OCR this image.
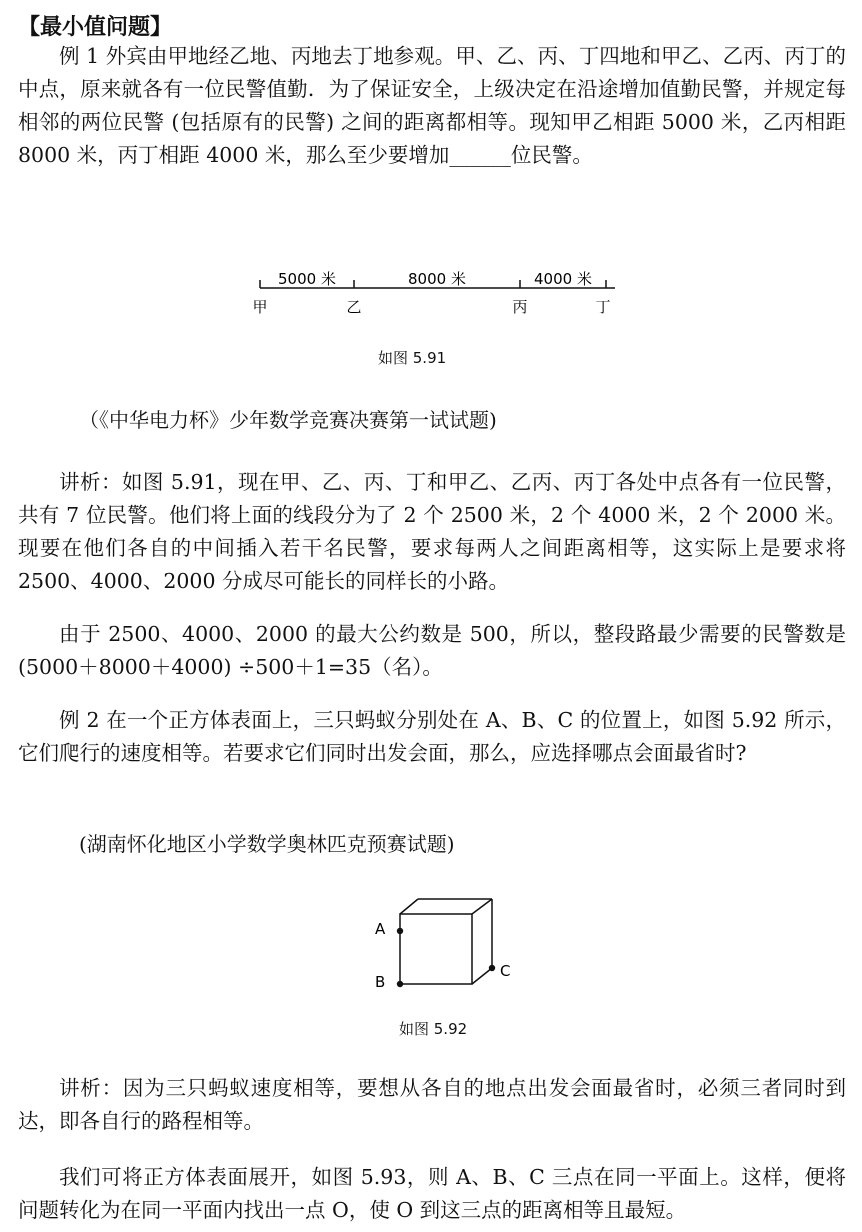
【最小值问题】
例 1 外宾由甲地经乙地、丙地去丁地参观。甲、乙、丙、丁四地和甲乙、乙丙、丙丁的中点，原来就各有一位民警值勤．为了保证安全，上级决定在沿途增加值勤民警，并规定每相邻的两位民警 (包括原有的民警) 之间的距离都相等。现知甲乙相距 5000 米，乙丙相距 8000 米，丙丁相距 4000 米，那么至少要增加______位民警。
5000 米	8000 米	4000 米
甲	乙	丙	丁
如图 5.91
（《中华电力杯》少年数学竞赛决赛第一试试题)
讲析：如图 5.91，现在甲、乙、丙、丁和甲乙、乙丙、丙丁各处中点各有一位民警，共有 7 位民警。他们将上面的线段分为了 2 个 2500 米，2 个 4000 米，2 个 2000 米。现要在他们各自的中间插入若干名民警，要求每两人之间距离相等，这实际上是要求将 2500、4000、2000 分成尽可能长的同样长的小路。
由于 2500、4000、2000 的最大公约数是 500，所以，整段路最少需要的民警数是 (5000＋8000＋4000) ÷500＋1=35（名）。
例 2 在一个正方体表面上，三只蚂蚁分别处在 A、B、C 的位置上，如图 5.92 所示，它们爬行的速度相等。若要求它们同时出发会面，那么，应选择哪点会面最省时?
(湖南怀化地区小学数学奥林匹克预赛试题)
A
B
C
如图 5.92
讲析：因为三只蚂蚁速度相等，要想从各自的地点出发会面最省时，必须三者同时到达，即各自行的路程相等。
我们可将正方体表面展开，如图 5.93，则 A、B、C 三点在同一平面上。这样，便将问题转化为在同一平面内找出一点 O，使 O 到这三点的距离相等且最短。
